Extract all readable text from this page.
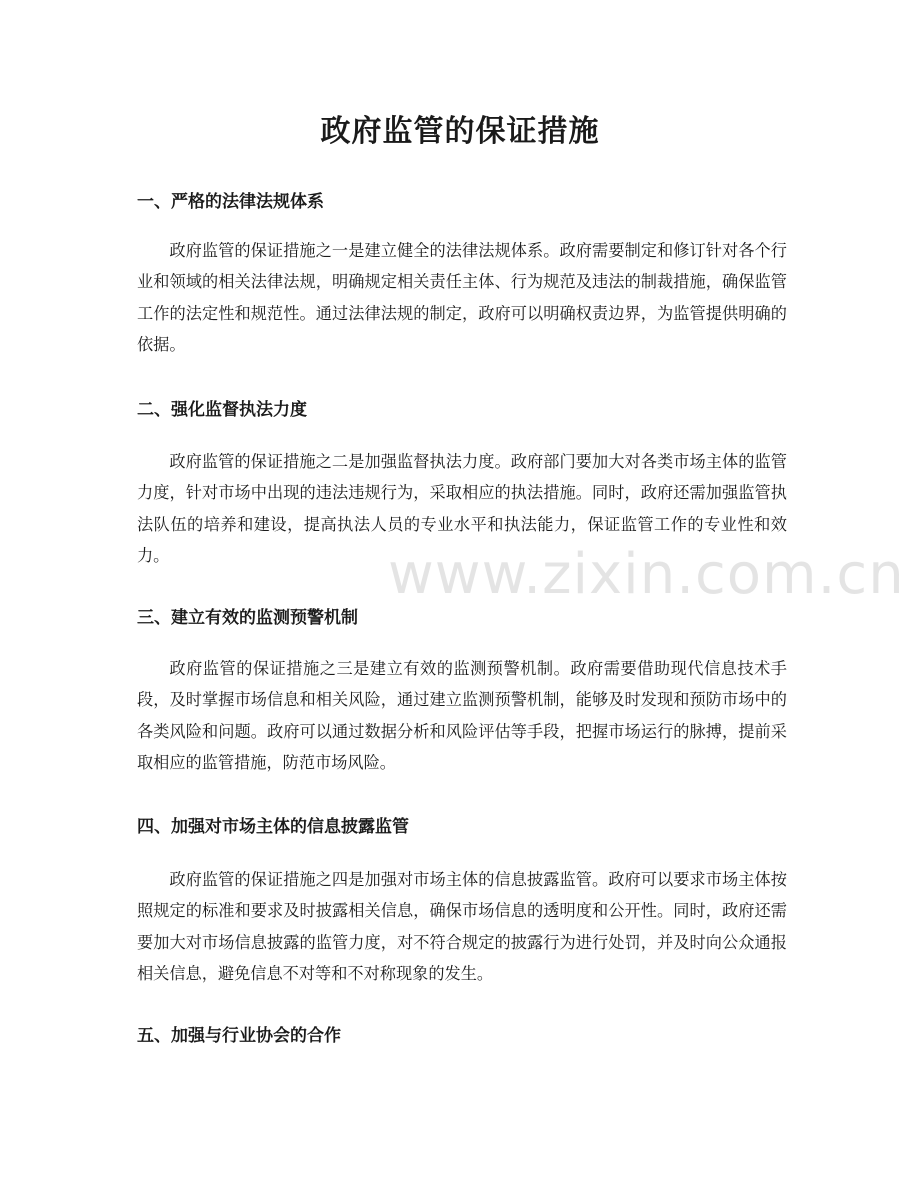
政府监管的保证措施
一、严格的法律法规体系

政府监管的保证措施之一是建立健全的法律法规体系。政府需要制定和修订针对各个行业和领域的相关法律法规，明确规定相关责任主体、行为规范及违法的制裁措施，确保监管工作的法定性和规范性。通过法律法规的制定，政府可以明确权责边界，为监管提供明确的依据。

二、强化监督执法力度

政府监管的保证措施之二是加强监督执法力度。政府部门要加大对各类市场主体的监管力度，针对市场中出现的违法违规行为，采取相应的执法措施。同时，政府还需加强监管执法队伍的培养和建设，提高执法人员的专业水平和执法能力，保证监管工作的专业性和效力。

三、建立有效的监测预警机制

政府监管的保证措施之三是建立有效的监测预警机制。政府需要借助现代信息技术手段，及时掌握市场信息和相关风险，通过建立监测预警机制，能够及时发现和预防市场中的各类风险和问题。政府可以通过数据分析和风险评估等手段，把握市场运行的脉搏，提前采取相应的监管措施，防范市场风险。

四、加强对市场主体的信息披露监管

政府监管的保证措施之四是加强对市场主体的信息披露监管。政府可以要求市场主体按照规定的标准和要求及时披露相关信息，确保市场信息的透明度和公开性。同时，政府还需要加大对市场信息披露的监管力度，对不符合规定的披露行为进行处罚，并及时向公众通报相关信息，避免信息不对等和不对称现象的发生。

五、加强与行业协会的合作
www.zixin.com.cn
